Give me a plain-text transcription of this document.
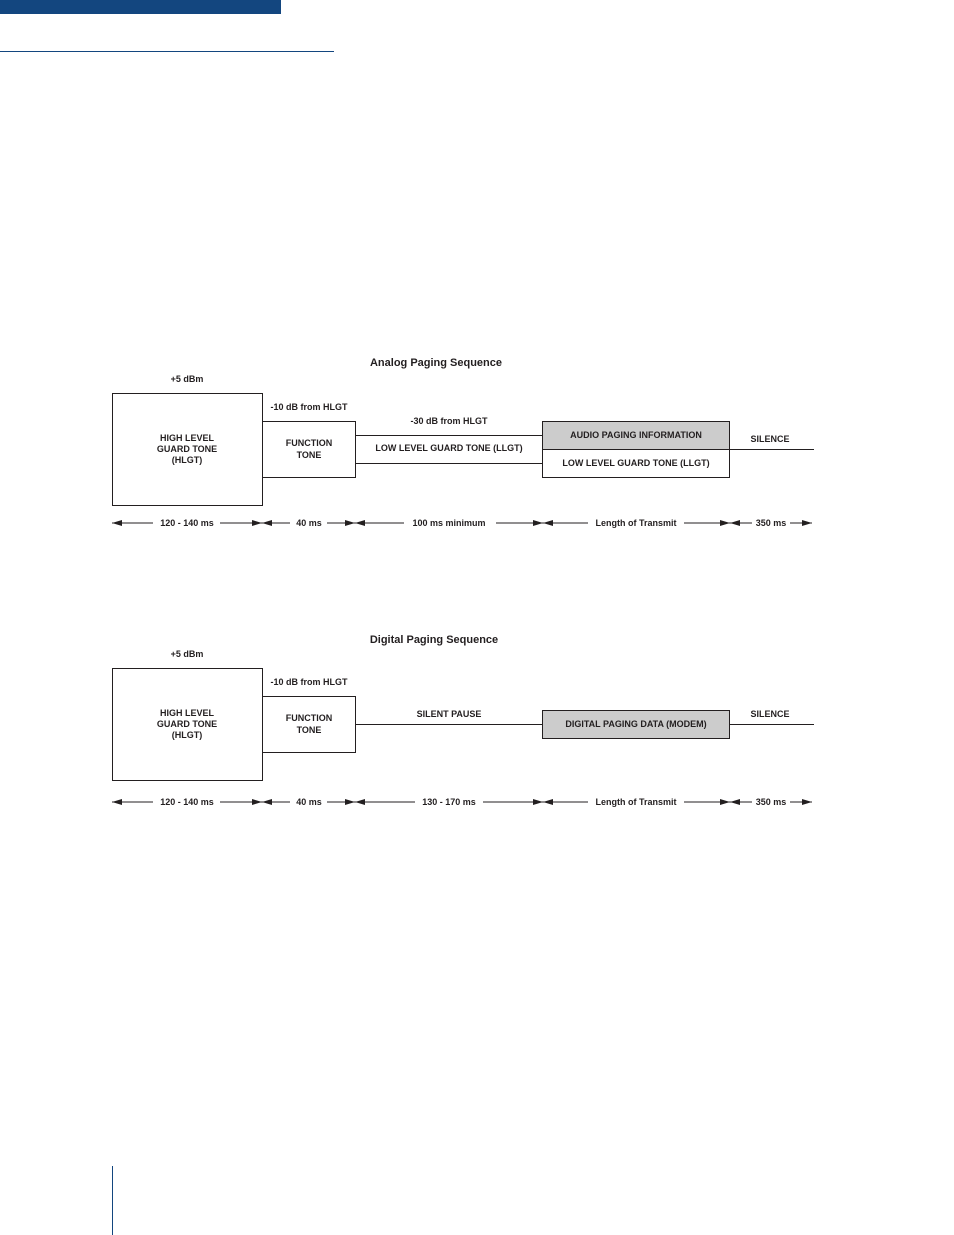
Analog Paging Sequence
+5 dBm
HIGH LEVEL
GUARD TONE
(HLGT)
-10 dB from HLGT
FUNCTION
TONE
-30 dB from HLGT
LOW LEVEL GUARD TONE (LLGT)
AUDIO PAGING INFORMATION
LOW LEVEL GUARD TONE (LLGT)
SILENCE
120 - 140 ms	40 ms	100 ms minimum	Length of Transmit	350 ms
Digital Paging Sequence
+5 dBm
HIGH LEVEL
GUARD TONE
(HLGT)
-10 dB from HLGT
FUNCTION
TONE
SILENT PAUSE
DIGITAL PAGING DATA (MODEM)
SILENCE
120 - 140 ms	40 ms	130 - 170 ms	Length of Transmit	350 ms
